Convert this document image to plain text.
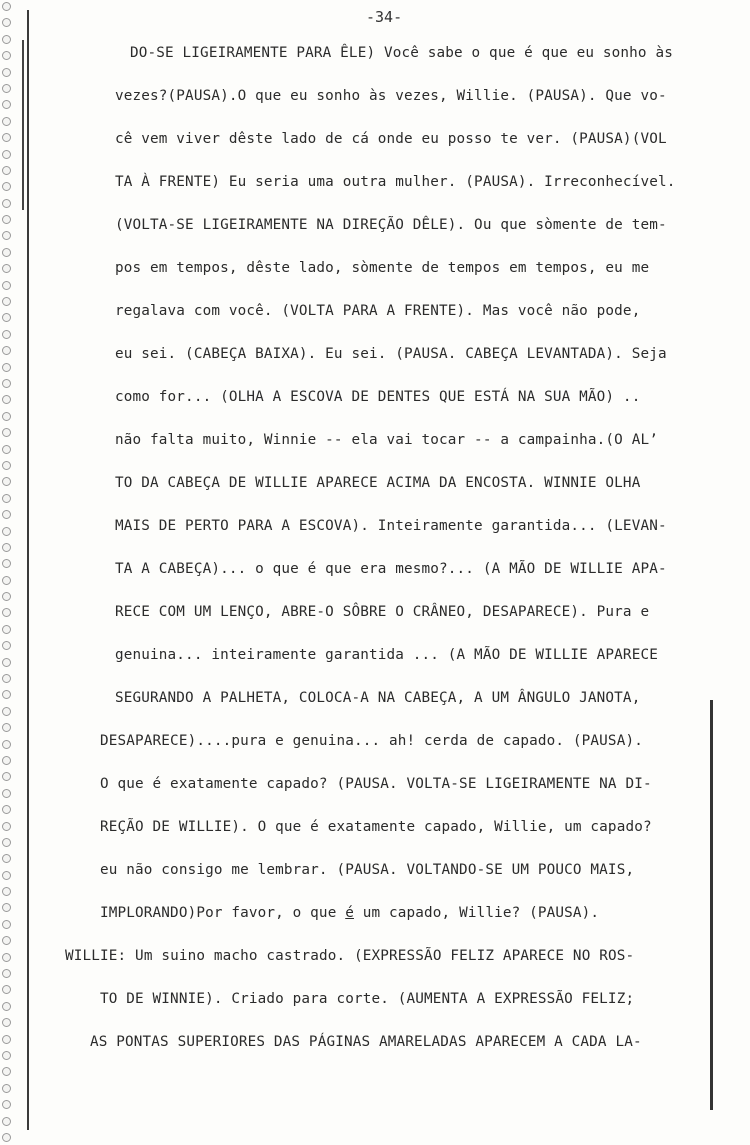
-34-
DO-SE LIGEIRAMENTE PARA ÊLE) Você sabe o que é que eu sonho às
vezes?(PAUSA).O que eu sonho às vezes, Willie. (PAUSA). Que vo-
cê vem viver dêste lado de cá onde eu posso te ver. (PAUSA)(VOL
TA À FRENTE) Eu seria uma outra mulher. (PAUSA). Irreconhecível.
(VOLTA-SE LIGEIRAMENTE NA DIREÇÃO DÊLE). Ou que sòmente de tem-
pos em tempos, dêste lado, sòmente de tempos em tempos, eu me
regalava com você. (VOLTA PARA A FRENTE). Mas você não pode,
eu sei. (CABEÇA BAIXA). Eu sei. (PAUSA. CABEÇA LEVANTADA). Seja
como for... (OLHA A ESCOVA DE DENTES QUE ESTÁ NA SUA MÃO) ..
não falta muito, Winnie -- ela vai tocar -- a campainha.(O ALʼ
TO DA CABEÇA DE WILLIE APARECE ACIMA DA ENCOSTA. WINNIE OLHA
MAIS DE PERTO PARA A ESCOVA). Inteiramente garantida... (LEVAN-
TA A CABEÇA)... o que é que era mesmo?... (A MÃO DE WILLIE APA-
RECE COM UM LENÇO, ABRE-O SÔBRE O CRÂNEO, DESAPARECE). Pura e
genuina... inteiramente garantida ... (A MÃO DE WILLIE APARECE
SEGURANDO A PALHETA, COLOCA-A NA CABEÇA, A UM ÂNGULO JANOTA,
DESAPARECE)....pura e genuina... ah! cerda de capado. (PAUSA).
O que é exatamente capado? (PAUSA. VOLTA-SE LIGEIRAMENTE NA DI-
REÇÃO DE WILLIE). O que é exatamente capado, Willie, um capado?
eu não consigo me lembrar. (PAUSA. VOLTANDO-SE UM POUCO MAIS,
IMPLORANDO)Por favor, o que é um capado, Willie? (PAUSA).
WILLIE: Um suino macho castrado. (EXPRESSÃO FELIZ APARECE NO ROS-
TO DE WINNIE). Criado para corte. (AUMENTA A EXPRESSÃO FELIZ;
AS PONTAS SUPERIORES DAS PÁGINAS AMARELADAS APARECEM A CADA LA-
